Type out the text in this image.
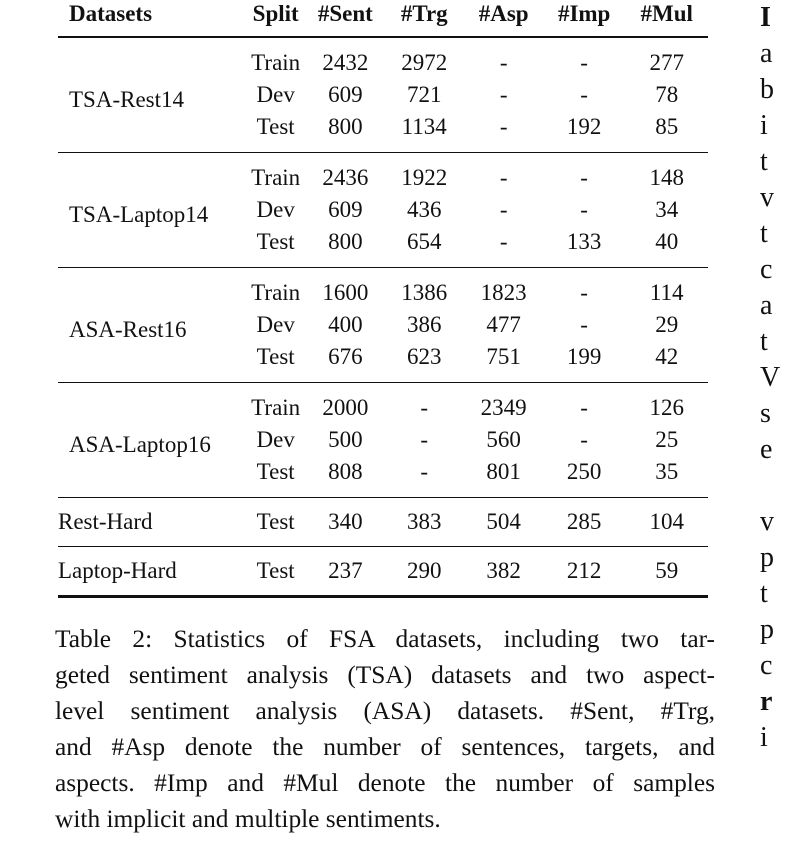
Datasets	Split	#Sent	#Trg	#Asp	#Imp	#Mul
TSA-Rest14	Train	2432	2972	-	-	277
	Dev	609	721	-	-	78
	Test	800	1134	-	192	85
TSA-Laptop14	Train	2436	1922	-	-	148
	Dev	609	436	-	-	34
	Test	800	654	-	133	40
ASA-Rest16	Train	1600	1386	1823	-	114
	Dev	400	386	477	-	29
	Test	676	623	751	199	42
ASA-Laptop16	Train	2000	-	2349	-	126
	Dev	500	-	560	-	25
	Test	808	-	801	250	35
Rest-Hard	Test	340	383	504	285	104
Laptop-Hard	Test	237	290	382	212	59
Table 2: Statistics of FSA datasets, including two tar-
geted sentiment analysis (TSA) datasets and two aspect-
level sentiment analysis (ASA) datasets. #Sent, #Trg,
and #Asp denote the number of sentences, targets, and
aspects. #Imp and #Mul denote the number of samples
with implicit and multiple sentiments.
I
a
b
i
t
v
t
c
a
t
V
s
e
v
p
t
p
c
r
i
